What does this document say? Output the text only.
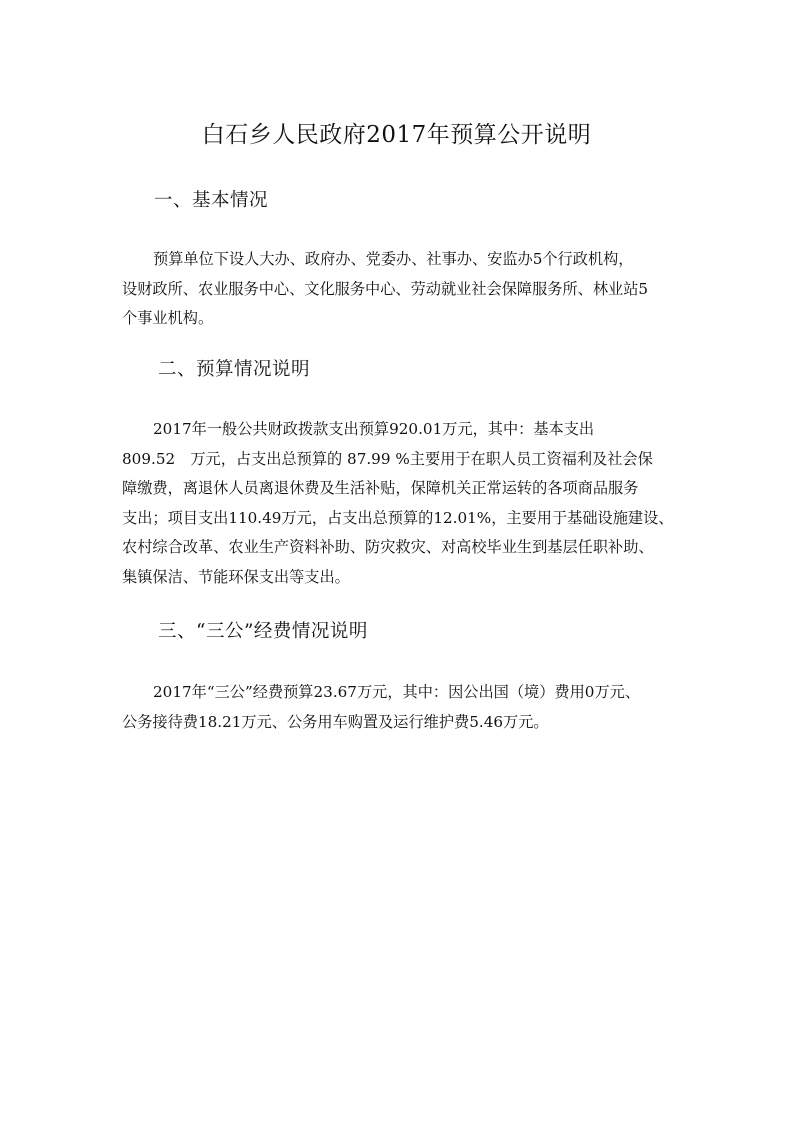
白石乡人民政府2017年预算公开说明
一、基本情况
预算单位下设人大办、政府办、党委办、社事办、安监办5个行政机构，
设财政所、农业服务中心、文化服务中心、劳动就业社会保障服务所、林业站5
个事业机构。
二、预算情况说明
2017年一般公共财政拨款支出预算920.01万元，其中：基本支出
809.52　万元，占支出总预算的 87.99 %主要用于在职人员工资福利及社会保
障缴费，离退休人员离退休费及生活补贴，保障机关正常运转的各项商品服务
支出；项目支出110.49万元，占支出总预算的12.01%，主要用于基础设施建设、
农村综合改革、农业生产资料补助、防灾救灾、对高校毕业生到基层任职补助、
集镇保洁、节能环保支出等支出。
三、“三公”经费情况说明
2017年“三公”经费预算23.67万元，其中：因公出国（境）费用0万元、
公务接待费18.21万元、公务用车购置及运行维护费5.46万元。
